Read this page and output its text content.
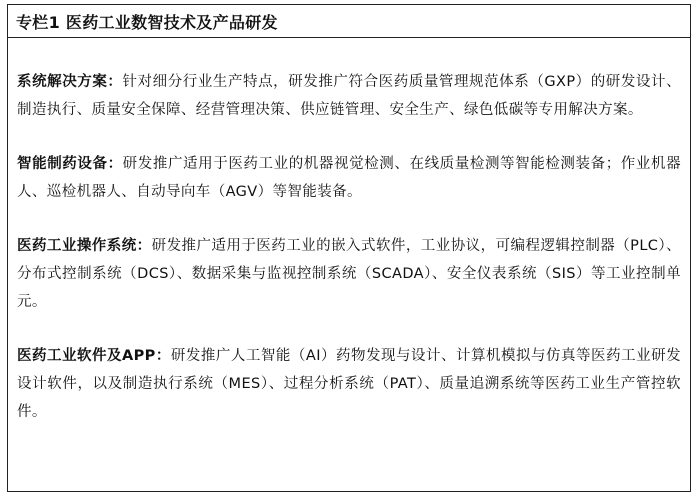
专栏1 医药工业数智技术及产品研发

系统解决方案：针对细分行业生产特点，研发推广符合医药质量管理规范体系（GXP）的研发设计、制造执行、质量安全保障、经营管理决策、供应链管理、安全生产、绿色低碳等专用解决方案。

智能制药设备：研发推广适用于医药工业的机器视觉检测、在线质量检测等智能检测装备；作业机器人、巡检机器人、自动导向车（AGV）等智能装备。

医药工业操作系统：研发推广适用于医药工业的嵌入式软件，工业协议，可编程逻辑控制器（PLC）、分布式控制系统（DCS）、数据采集与监视控制系统（SCADA）、安全仪表系统（SIS）等工业控制单元。

医药工业软件及APP：研发推广人工智能（AI）药物发现与设计、计算机模拟与仿真等医药工业研发设计软件，以及制造执行系统（MES）、过程分析系统（PAT）、质量追溯系统等医药工业生产管控软件。
